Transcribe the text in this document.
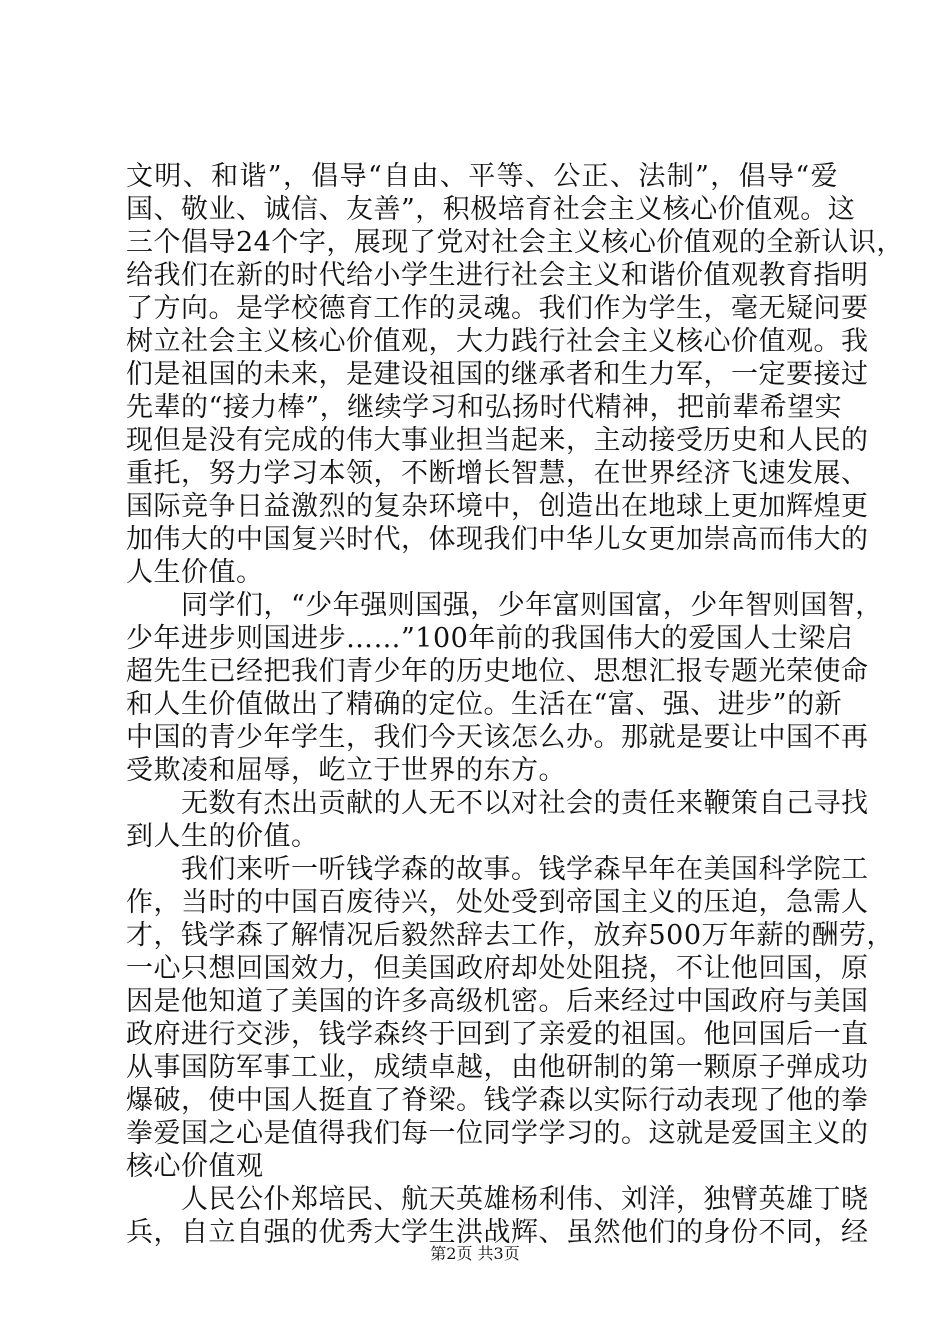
文明、和谐”，倡导“自由、平等、公正、法制”，倡导“爱
国、敬业、诚信、友善”，积极培育社会主义核心价值观。这
三个倡导24个字，展现了党对社会主义核心价值观的全新认识，
给我们在新的时代给小学生进行社会主义和谐价值观教育指明
了方向。是学校德育工作的灵魂。我们作为学生，毫无疑问要
树立社会主义核心价值观，大力践行社会主义核心价值观。我
们是祖国的未来，是建设祖国的继承者和生力军，一定要接过
先辈的“接力棒”，继续学习和弘扬时代精神，把前辈希望实
现但是没有完成的伟大事业担当起来，主动接受历史和人民的
重托，努力学习本领，不断增长智慧，在世界经济飞速发展、
国际竞争日益激烈的复杂环境中，创造出在地球上更加辉煌更
加伟大的中国复兴时代，体现我们中华儿女更加崇高而伟大的
人生价值。
　　同学们，“少年强则国强，少年富则国富，少年智则国智，
少年进步则国进步……”100年前的我国伟大的爱国人士梁启
超先生已经把我们青少年的历史地位、思想汇报专题光荣使命
和人生价值做出了精确的定位。生活在“富、强、进步”的新
中国的青少年学生，我们今天该怎么办。那就是要让中国不再
受欺凌和屈辱，屹立于世界的东方。
　　无数有杰出贡献的人无不以对社会的责任来鞭策自己寻找
到人生的价值。
　　我们来听一听钱学森的故事。钱学森早年在美国科学院工
作，当时的中国百废待兴，处处受到帝国主义的压迫，急需人
才，钱学森了解情况后毅然辞去工作，放弃500万年薪的酬劳，
一心只想回国效力，但美国政府却处处阻挠，不让他回国，原
因是他知道了美国的许多高级机密。后来经过中国政府与美国
政府进行交涉，钱学森终于回到了亲爱的祖国。他回国后一直
从事国防军事工业，成绩卓越，由他研制的第一颗原子弹成功
爆破，使中国人挺直了脊梁。钱学森以实际行动表现了他的拳
拳爱国之心是值得我们每一位同学学习的。这就是爱国主义的
核心价值观
　　人民公仆郑培民、航天英雄杨利伟、刘洋，独臂英雄丁晓
兵，自立自强的优秀大学生洪战辉、虽然他们的身份不同，经
第2页 共3页
